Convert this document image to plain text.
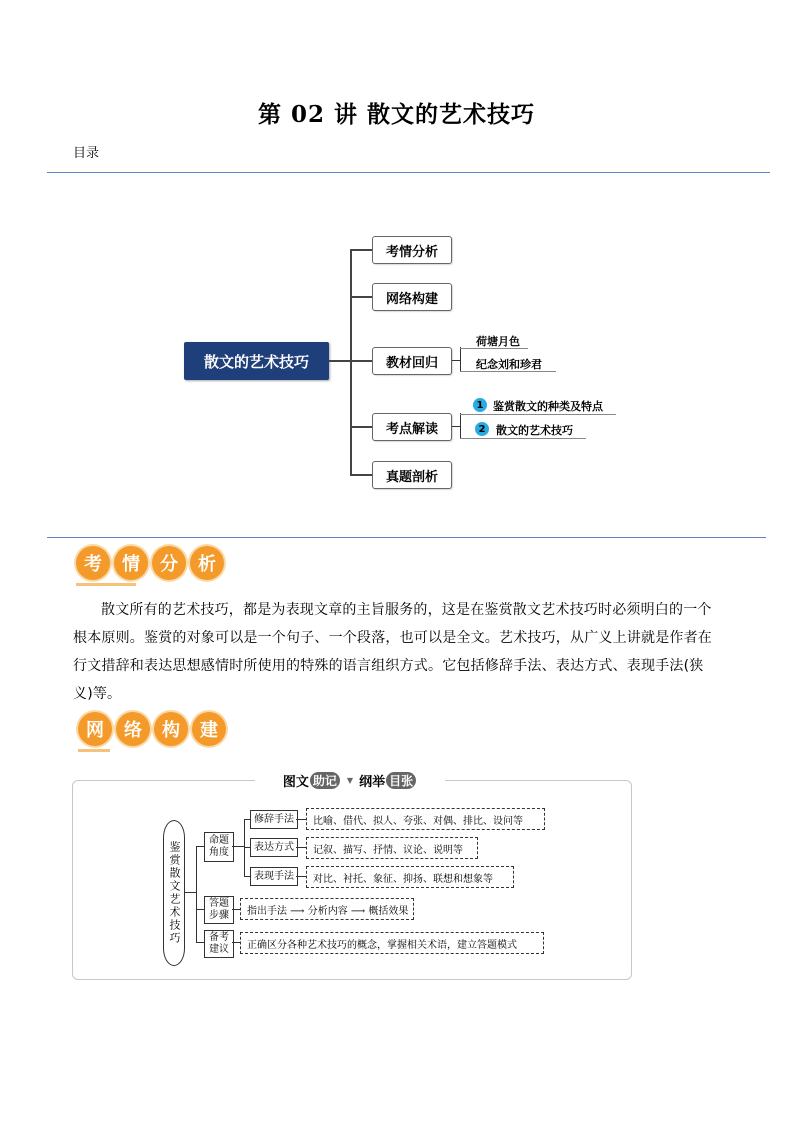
第 02 讲 散文的艺术技巧
目录
散文的艺术技巧
考情分析
网络构建
教材回归
荷塘月色
纪念刘和珍君
考点解读
1 鉴赏散文的种类及特点
2 散文的艺术技巧
真题剖析
考	情	分	析
散文所有的艺术技巧，都是为表现文章的主旨服务的，这是在鉴赏散文艺术技巧时必须明白的一个根本原则。鉴赏的对象可以是一个句子、一个段落，也可以是全文。艺术技巧，从广义上讲就是作者在行文措辞和表达思想感情时所使用的特殊的语言组织方式。它包括修辞手法、表达方式、表现手法(狭义)等。
网	络	构	建
图文 助记	▼ 纲举 目张
鉴赏散文艺术技巧
命题角度
答题步骤
备考建议
修辞手法
表达方式
表现手法
比喻、借代、拟人、夸张、对偶、排比、设问等
记叙、描写、抒情、议论、说明等
对比、衬托、象征、抑扬、联想和想象等
指出手法 ⟶ 分析内容 ⟶ 概括效果
正确区分各种艺术技巧的概念，掌握相关术语，建立答题模式
